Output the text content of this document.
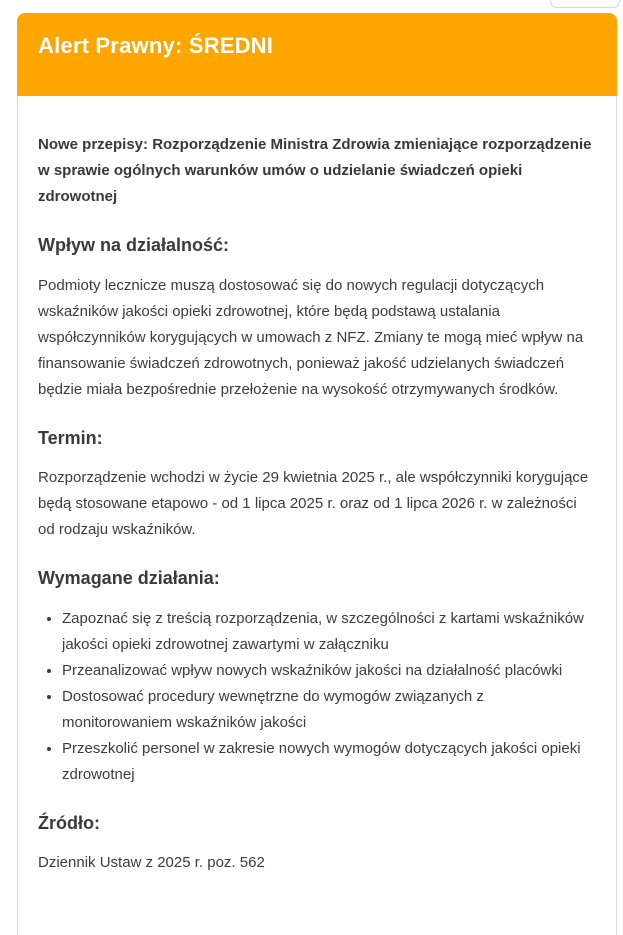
Alert Prawny: ŚREDNI

Nowe przepisy: Rozporządzenie Ministra Zdrowia zmieniające rozporządzenie w sprawie ogólnych warunków umów o udzielanie świadczeń opieki zdrowotnej

Wpływ na działalność:

Podmioty lecznicze muszą dostosować się do nowych regulacji dotyczących wskaźników jakości opieki zdrowotnej, które będą podstawą ustalania współczynników korygujących w umowach z NFZ. Zmiany te mogą mieć wpływ na finansowanie świadczeń zdrowotnych, ponieważ jakość udzielanych świadczeń będzie miała bezpośrednie przełożenie na wysokość otrzymywanych środków.

Termin:

Rozporządzenie wchodzi w życie 29 kwietnia 2025 r., ale współczynniki korygujące będą stosowane etapowo - od 1 lipca 2025 r. oraz od 1 lipca 2026 r. w zależności od rodzaju wskaźników.

Wymagane działania:
• Zapoznać się z treścią rozporządzenia, w szczególności z kartami wskaźników jakości opieki zdrowotnej zawartymi w załączniku
• Przeanalizować wpływ nowych wskaźników jakości na działalność placówki
• Dostosować procedury wewnętrzne do wymogów związanych z monitorowaniem wskaźników jakości
• Przeszkolić personel w zakresie nowych wymogów dotyczących jakości opieki zdrowotnej
Źródło:

Dziennik Ustaw z 2025 r. poz. 562
